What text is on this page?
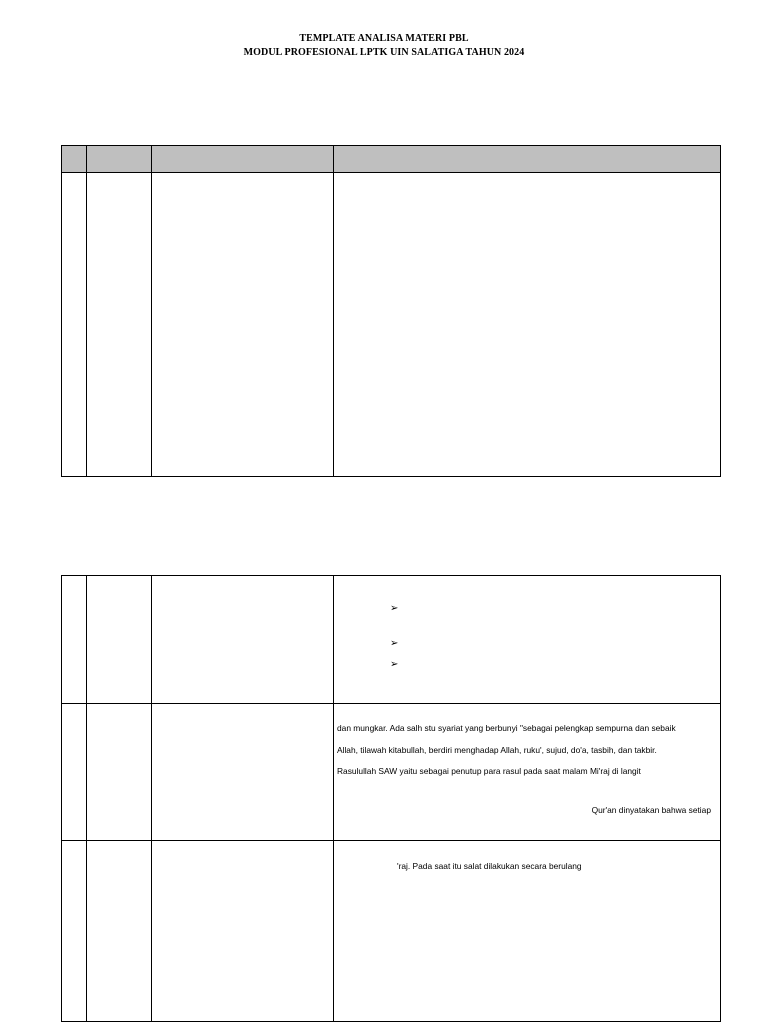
TEMPLATE ANALISA MATERI PBL
MODUL PROFESIONAL LPTK UIN SALATIGA TAHUN 2024

			➢
➢
➢

			dan mungkar. Ada salh stu syariat yang berbunyi "sebagai pelengkap sempurna dan sebaik
Allah, tilawah kitabullah, berdiri menghadap Allah, ruku', sujud, do'a, tasbih, dan takbir.
Rasulullah SAW yaitu sebagai penutup para rasul pada saat malam Mi'raj di langit
Qur'an dinyatakan bahwa setiap

			'raj. Pada saat itu salat dilakukan secara berulang
